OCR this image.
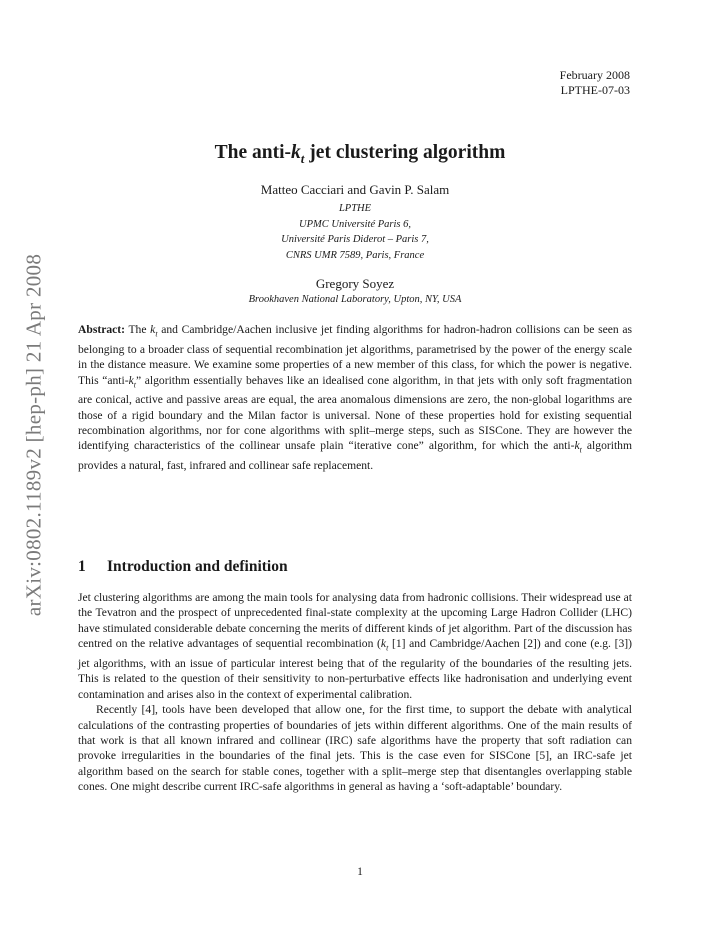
arXiv:0802.1189v2 [hep-ph] 21 Apr 2008
February 2008
LPTHE-07-03
The anti-$k_t$ jet clustering algorithm
Matteo Cacciari and Gavin P. Salam
LPTHE
UPMC Université Paris 6,
Université Paris Diderot – Paris 7,
CNRS UMR 7589, Paris, France
Gregory Soyez
Brookhaven National Laboratory, Upton, NY, USA
Abstract: The $k_t$ and Cambridge/Aachen inclusive jet finding algorithms for hadron-hadron collisions can be seen as belonging to a broader class of sequential recombination jet algorithms, parametrised by the power of the energy scale in the distance measure. We examine some properties of a new member of this class, for which the power is negative. This “$anti-k_t$” algorithm essentially behaves like an idealised cone algorithm, in that jets with only soft fragmentation are conical, active and passive areas are equal, the area anomalous dimensions are zero, the non-global logarithms are those of a rigid boundary and the Milan factor is universal. None of these properties hold for existing sequential recombination algorithms, nor for cone algorithms with split–merge steps, such as SISCone. They are however the identifying characteristics of the collinear unsafe plain “iterative cone” algorithm, for which the anti-$k_t$ algorithm provides a natural, fast, infrared and collinear safe replacement.
1 Introduction and definition

Jet clustering algorithms are among the main tools for analysing data from hadronic collisions. Their widespread use at the Tevatron and the prospect of unprecedented final-state complexity at the upcoming Large Hadron Collider (LHC) have stimulated considerable debate concerning the merits of different kinds of jet algorithm. Part of the discussion has centred on the relative advantages of sequential recombination ($k_t$ [1] and Cambridge/Aachen [2]) and cone (e.g. [3]) jet algorithms, with an issue of particular interest being that of the regularity of the boundaries of the resulting jets. This is related to the question of their sensitivity to non-perturbative effects like hadronisation and underlying event contamination and arises also in the context of experimental calibration.

Recently [4], tools have been developed that allow one, for the first time, to support the debate with analytical calculations of the contrasting properties of boundaries of jets within different algorithms. One of the main results of that work is that all known infrared and collinear (IRC) safe algorithms have the property that soft radiation can provoke irregularities in the boundaries of the final jets. This is the case even for SISCone [5], an IRC-safe jet algorithm based on the search for stable cones, together with a split–merge step that disentangles overlapping stable cones. One might describe current IRC-safe algorithms in general as having a ‘soft-adaptable’ boundary.

1
